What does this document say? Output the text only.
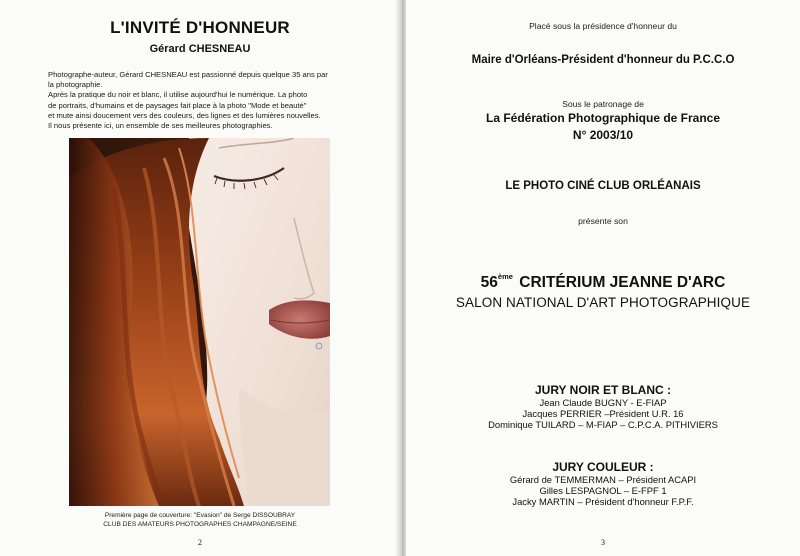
L'INVITÉ D'HONNEUR
Gérard CHESNEAU

Photographe-auteur, Gérard CHESNEAU est passionné depuis quelque 35 ans par

la photographie.

Après la pratique du noir et blanc, il utilise aujourd'hui le numérique. La photo

de portraits, d'humains et de paysages fait place à la photo "Mode et beauté"

et mute ainsi doucement vers des couleurs, des lignes et des lumières nouvelles.

Il nous présente ici, un ensemble de ses meilleures photographies.

Première page de couverture: "Evasion" de Serge DISSOUBRAY
CLUB DES AMATEURS PHOTOGRAPHES CHAMPAGNE/SEINE
2
Placé sous la présidence d'honneur du
Maire d'Orléans-Président d'honneur du P.C.C.O
Sous le patronage de
La Fédération Photographique de France
N° 2003/10
LE PHOTO CINÉ CLUB ORLÉANAIS
présente son
56ème CRITÉRIUM JEANNE D'ARC
SALON NATIONAL D'ART PHOTOGRAPHIQUE
JURY NOIR ET BLANC :
Jean Claude BUGNY - E-FIAP
Jacques PERRIER –Président U.R. 16
Dominique TUILARD – M-FIAP – C.P.C.A. PITHIVIERS
JURY COULEUR :
Gérard de TEMMERMAN – Président ACAPI
Gilles LESPAGNOL – E-FPF 1
Jacky MARTIN – Président d'honneur F.P.F.
3
